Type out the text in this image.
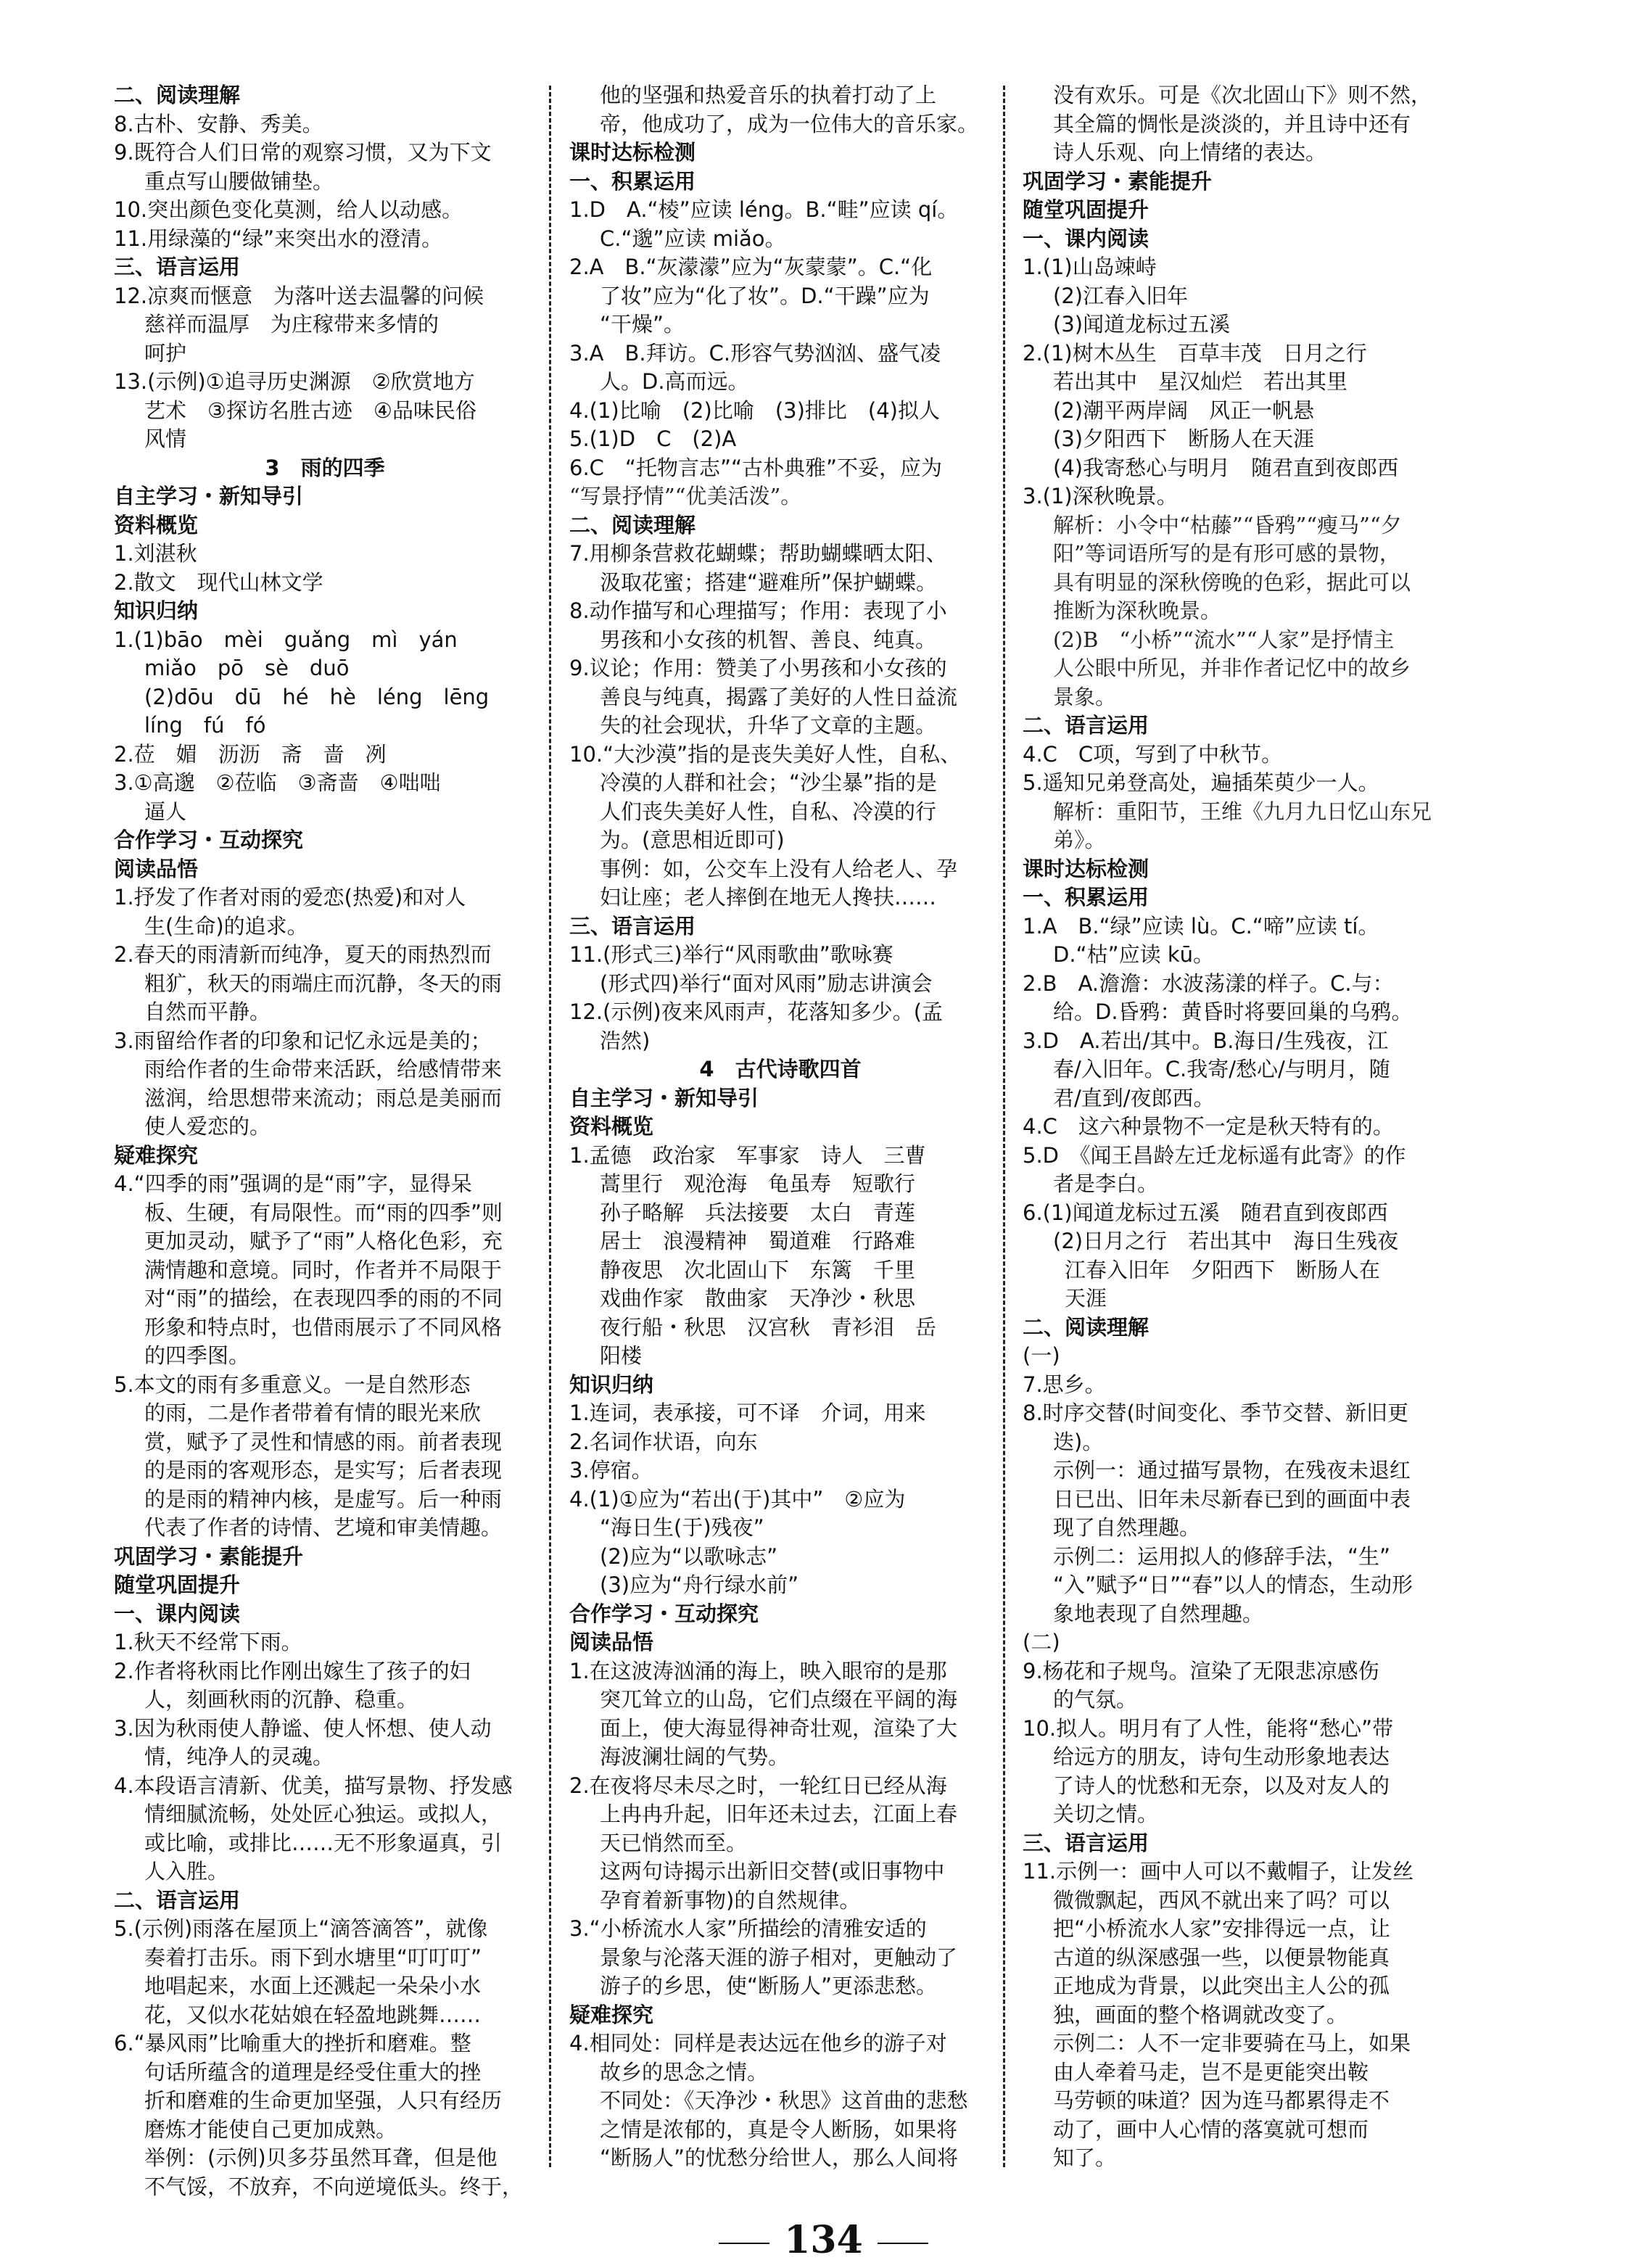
二、阅读理解
8.古朴、安静、秀美。
9.既符合人们日常的观察习惯，又为下文
重点写山腰做铺垫。
10.突出颜色变化莫测，给人以动感。
11.用绿藻的“绿”来突出水的澄清。
三、语言运用
12.凉爽而惬意　为落叶送去温馨的问候
慈祥而温厚　为庄稼带来多情的
呵护
13.(示例)①追寻历史渊源　②欣赏地方
艺术　③探访名胜古迹　④品味民俗
风情
3　雨的四季
自主学习・新知导引
资料概览
1.刘湛秋
2.散文　现代山林文学
知识归纳
1.(1)bāo　mèi　guǎng　mì　yán
miǎo　pō　sè　duō
(2)dōu　dū　hé　hè　léng　lēng
líng　fú　fó
2.莅　媚　沥沥　斋　啬　冽
3.①高邈　②莅临　③斋啬　④咄咄
逼人
合作学习・互动探究
阅读品悟
1.抒发了作者对雨的爱恋(热爱)和对人
生(生命)的追求。
2.春天的雨清新而纯净，夏天的雨热烈而
粗犷，秋天的雨端庄而沉静，冬天的雨
自然而平静。
3.雨留给作者的印象和记忆永远是美的；
雨给作者的生命带来活跃，给感情带来
滋润，给思想带来流动；雨总是美丽而
使人爱恋的。
疑难探究
4.“四季的雨”强调的是“雨”字，显得呆
板、生硬，有局限性。而“雨的四季”则
更加灵动，赋予了“雨”人格化色彩，充
满情趣和意境。同时，作者并不局限于
对“雨”的描绘，在表现四季的雨的不同
形象和特点时，也借雨展示了不同风格
的四季图。
5.本文的雨有多重意义。一是自然形态
的雨，二是作者带着有情的眼光来欣
赏，赋予了灵性和情感的雨。前者表现
的是雨的客观形态，是实写；后者表现
的是雨的精神内核，是虚写。后一种雨
代表了作者的诗情、艺境和审美情趣。
巩固学习・素能提升
随堂巩固提升
一、课内阅读
1.秋天不经常下雨。
2.作者将秋雨比作刚出嫁生了孩子的妇
人，刻画秋雨的沉静、稳重。
3.因为秋雨使人静谧、使人怀想、使人动
情，纯净人的灵魂。
4.本段语言清新、优美，描写景物、抒发感
情细腻流畅，处处匠心独运。或拟人，
或比喻，或排比……无不形象逼真，引
人入胜。
二、语言运用
5.(示例)雨落在屋顶上“滴答滴答”，就像
奏着打击乐。雨下到水塘里“叮叮叮”
地唱起来，水面上还溅起一朵朵小水
花，又似水花姑娘在轻盈地跳舞……
6.“暴风雨”比喻重大的挫折和磨难。整
句话所蕴含的道理是经受住重大的挫
折和磨难的生命更加坚强，人只有经历
磨炼才能使自己更加成熟。
举例：(示例)贝多芬虽然耳聋，但是他
不气馁，不放弃，不向逆境低头。终于，
他的坚强和热爱音乐的执着打动了上
帝，他成功了，成为一位伟大的音乐家。
课时达标检测
一、积累运用
1.D　A.“棱”应读 léng。B.“畦”应读 qí。
C.“邈”应读 miǎo。
2.A　B.“灰濛濛”应为“灰蒙蒙”。C.“化
了妆”应为“化了妆”。D.“干躁”应为
“干燥”。
3.A　B.拜访。C.形容气势汹汹、盛气凌
人。D.高而远。
4.(1)比喻　(2)比喻　(3)排比　(4)拟人
5.(1)D　C　(2)A
6.C　“托物言志”“古朴典雅”不妥，应为
“写景抒情”“优美活泼”。
二、阅读理解
7.用柳条营救花蝴蝶；帮助蝴蝶晒太阳、
汲取花蜜；搭建“避难所”保护蝴蝶。
8.动作描写和心理描写；作用：表现了小
男孩和小女孩的机智、善良、纯真。
9.议论；作用：赞美了小男孩和小女孩的
善良与纯真，揭露了美好的人性日益流
失的社会现状，升华了文章的主题。
10.“大沙漠”指的是丧失美好人性，自私、
冷漠的人群和社会；“沙尘暴”指的是
人们丧失美好人性，自私、冷漠的行
为。(意思相近即可)
事例：如，公交车上没有人给老人、孕
妇让座；老人摔倒在地无人搀扶……
三、语言运用
11.(形式三)举行“风雨歌曲”歌咏赛
(形式四)举行“面对风雨”励志讲演会
12.(示例)夜来风雨声，花落知多少。(孟
浩然)
4　古代诗歌四首
自主学习・新知导引
资料概览
1.孟德　政治家　军事家　诗人　三曹
蒿里行　观沧海　龟虽寿　短歌行
孙子略解　兵法接要　太白　青莲
居士　浪漫精神　蜀道难　行路难
静夜思　次北固山下　东篱　千里
戏曲作家　散曲家　天净沙・秋思
夜行船・秋思　汉宫秋　青衫泪　岳
阳楼
知识归纳
1.连词，表承接，可不译　介词，用来
2.名词作状语，向东
3.停宿。
4.(1)①应为“若出(于)其中”　②应为
“海日生(于)残夜”
(2)应为“以歌咏志”
(3)应为“舟行绿水前”
合作学习・互动探究
阅读品悟
1.在这波涛汹涌的海上，映入眼帘的是那
突兀耸立的山岛，它们点缀在平阔的海
面上，使大海显得神奇壮观，渲染了大
海波澜壮阔的气势。
2.在夜将尽未尽之时，一轮红日已经从海
上冉冉升起，旧年还未过去，江面上春
天已悄然而至。
这两句诗揭示出新旧交替(或旧事物中
孕育着新事物)的自然规律。
3.“小桥流水人家”所描绘的清雅安适的
景象与沦落天涯的游子相对，更触动了
游子的乡思，使“断肠人”更添悲愁。
疑难探究
4.相同处：同样是表达远在他乡的游子对
故乡的思念之情。
不同处：《天净沙・秋思》这首曲的悲愁
之情是浓郁的，真是令人断肠，如果将
“断肠人”的忧愁分给世人，那么人间将
没有欢乐。可是《次北固山下》则不然，
其全篇的惆怅是淡淡的，并且诗中还有
诗人乐观、向上情绪的表达。
巩固学习・素能提升
随堂巩固提升
一、课内阅读
1.(1)山岛竦峙
(2)江春入旧年
(3)闻道龙标过五溪
2.(1)树木丛生　百草丰茂　日月之行
若出其中　星汉灿烂　若出其里
(2)潮平两岸阔　风正一帆悬
(3)夕阳西下　断肠人在天涯
(4)我寄愁心与明月　随君直到夜郎西
3.(1)深秋晚景。
解析：小令中“枯藤”“昏鸦”“瘦马”“夕
阳”等词语所写的是有形可感的景物，
具有明显的深秋傍晚的色彩，据此可以
推断为深秋晚景。
(2)B　“小桥”“流水”“人家”是抒情主
人公眼中所见，并非作者记忆中的故乡
景象。
二、语言运用
4.C　C项，写到了中秋节。
5.遥知兄弟登高处，遍插茱萸少一人。
解析：重阳节，王维《九月九日忆山东兄
弟》。
课时达标检测
一、积累运用
1.A　B.“绿”应读 lù。C.“啼”应读 tí。
D.“枯”应读 kū。
2.B　A.澹澹：水波荡漾的样子。C.与：
给。D.昏鸦：黄昏时将要回巢的乌鸦。
3.D　A.若出/其中。B.海日/生残夜，江
春/入旧年。C.我寄/愁心/与明月，随
君/直到/夜郎西。
4.C　这六种景物不一定是秋天特有的。
5.D　《闻王昌龄左迁龙标遥有此寄》的作
者是李白。
6.(1)闻道龙标过五溪　随君直到夜郎西
(2)日月之行　若出其中　海日生残夜
江春入旧年　夕阳西下　断肠人在
天涯
二、阅读理解
(一)
7.思乡。
8.时序交替(时间变化、季节交替、新旧更
迭)。
示例一：通过描写景物，在残夜未退红
日已出、旧年未尽新春已到的画面中表
现了自然理趣。
示例二：运用拟人的修辞手法，“生”
“入”赋予“日”“春”以人的情态，生动形
象地表现了自然理趣。
(二)
9.杨花和子规鸟。渲染了无限悲凉感伤
的气氛。
10.拟人。明月有了人性，能将“愁心”带
给远方的朋友，诗句生动形象地表达
了诗人的忧愁和无奈，以及对友人的
关切之情。
三、语言运用
11.示例一：画中人可以不戴帽子，让发丝
微微飘起，西风不就出来了吗？可以
把“小桥流水人家”安排得远一点，让
古道的纵深感强一些，以便景物能真
正地成为背景，以此突出主人公的孤
独，画面的整个格调就改变了。
示例二：人不一定非要骑在马上，如果
由人牵着马走，岂不是更能突出鞍
马劳顿的味道？因为连马都累得走不
动了，画中人心情的落寞就可想而
知了。
134
